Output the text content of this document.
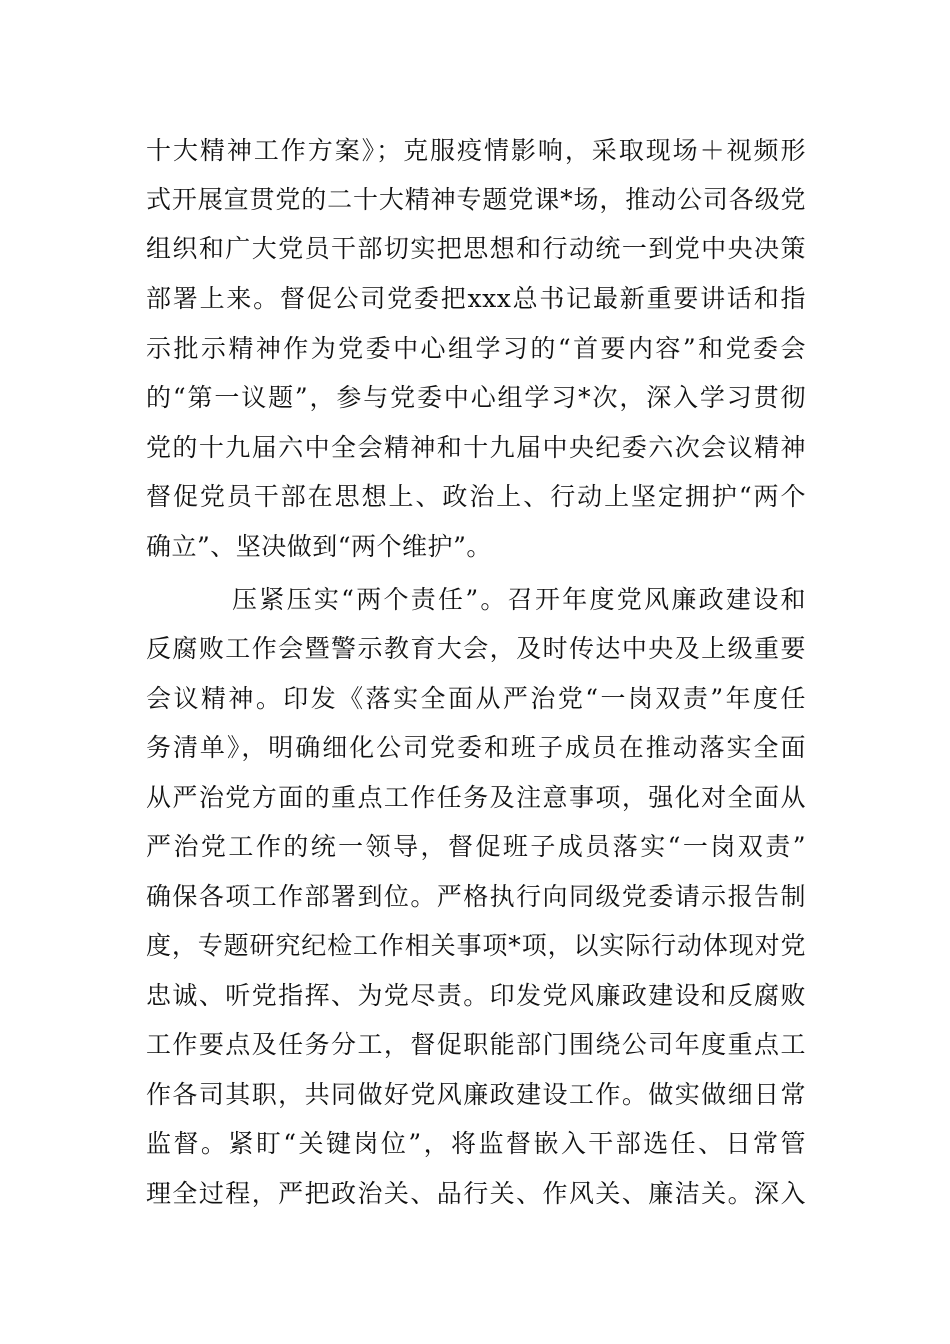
十大精神工作方案》；克服疫情影响，采取现场＋视频形
式开展宣贯党的二十大精神专题党课*场，推动公司各级党
组织和广大党员干部切实把思想和行动统一到党中央决策
部署上来。督促公司党委把xxx总书记最新重要讲话和指
示批示精神作为党委中心组学习的“首要内容”和党委会
的“第一议题”，参与党委中心组学习*次，深入学习贯彻
党的十九届六中全会精神和十九届中央纪委六次会议精神
督促党员干部在思想上、政治上、行动上坚定拥护“两个
确立”、坚决做到“两个维护”。
压紧压实“两个责任”。召开年度党风廉政建设和
反腐败工作会暨警示教育大会，及时传达中央及上级重要
会议精神。印发《落实全面从严治党“一岗双责”年度任
务清单》，明确细化公司党委和班子成员在推动落实全面
从严治党方面的重点工作任务及注意事项，强化对全面从
严治党工作的统一领导，督促班子成员落实“一岗双责”
确保各项工作部署到位。严格执行向同级党委请示报告制
度，专题研究纪检工作相关事项*项，以实际行动体现对党
忠诚、听党指挥、为党尽责。印发党风廉政建设和反腐败
工作要点及任务分工，督促职能部门围绕公司年度重点工
作各司其职，共同做好党风廉政建设工作。做实做细日常
监督。紧盯“关键岗位”，将监督嵌入干部选任、日常管
理全过程，严把政治关、品行关、作风关、廉洁关。深入
